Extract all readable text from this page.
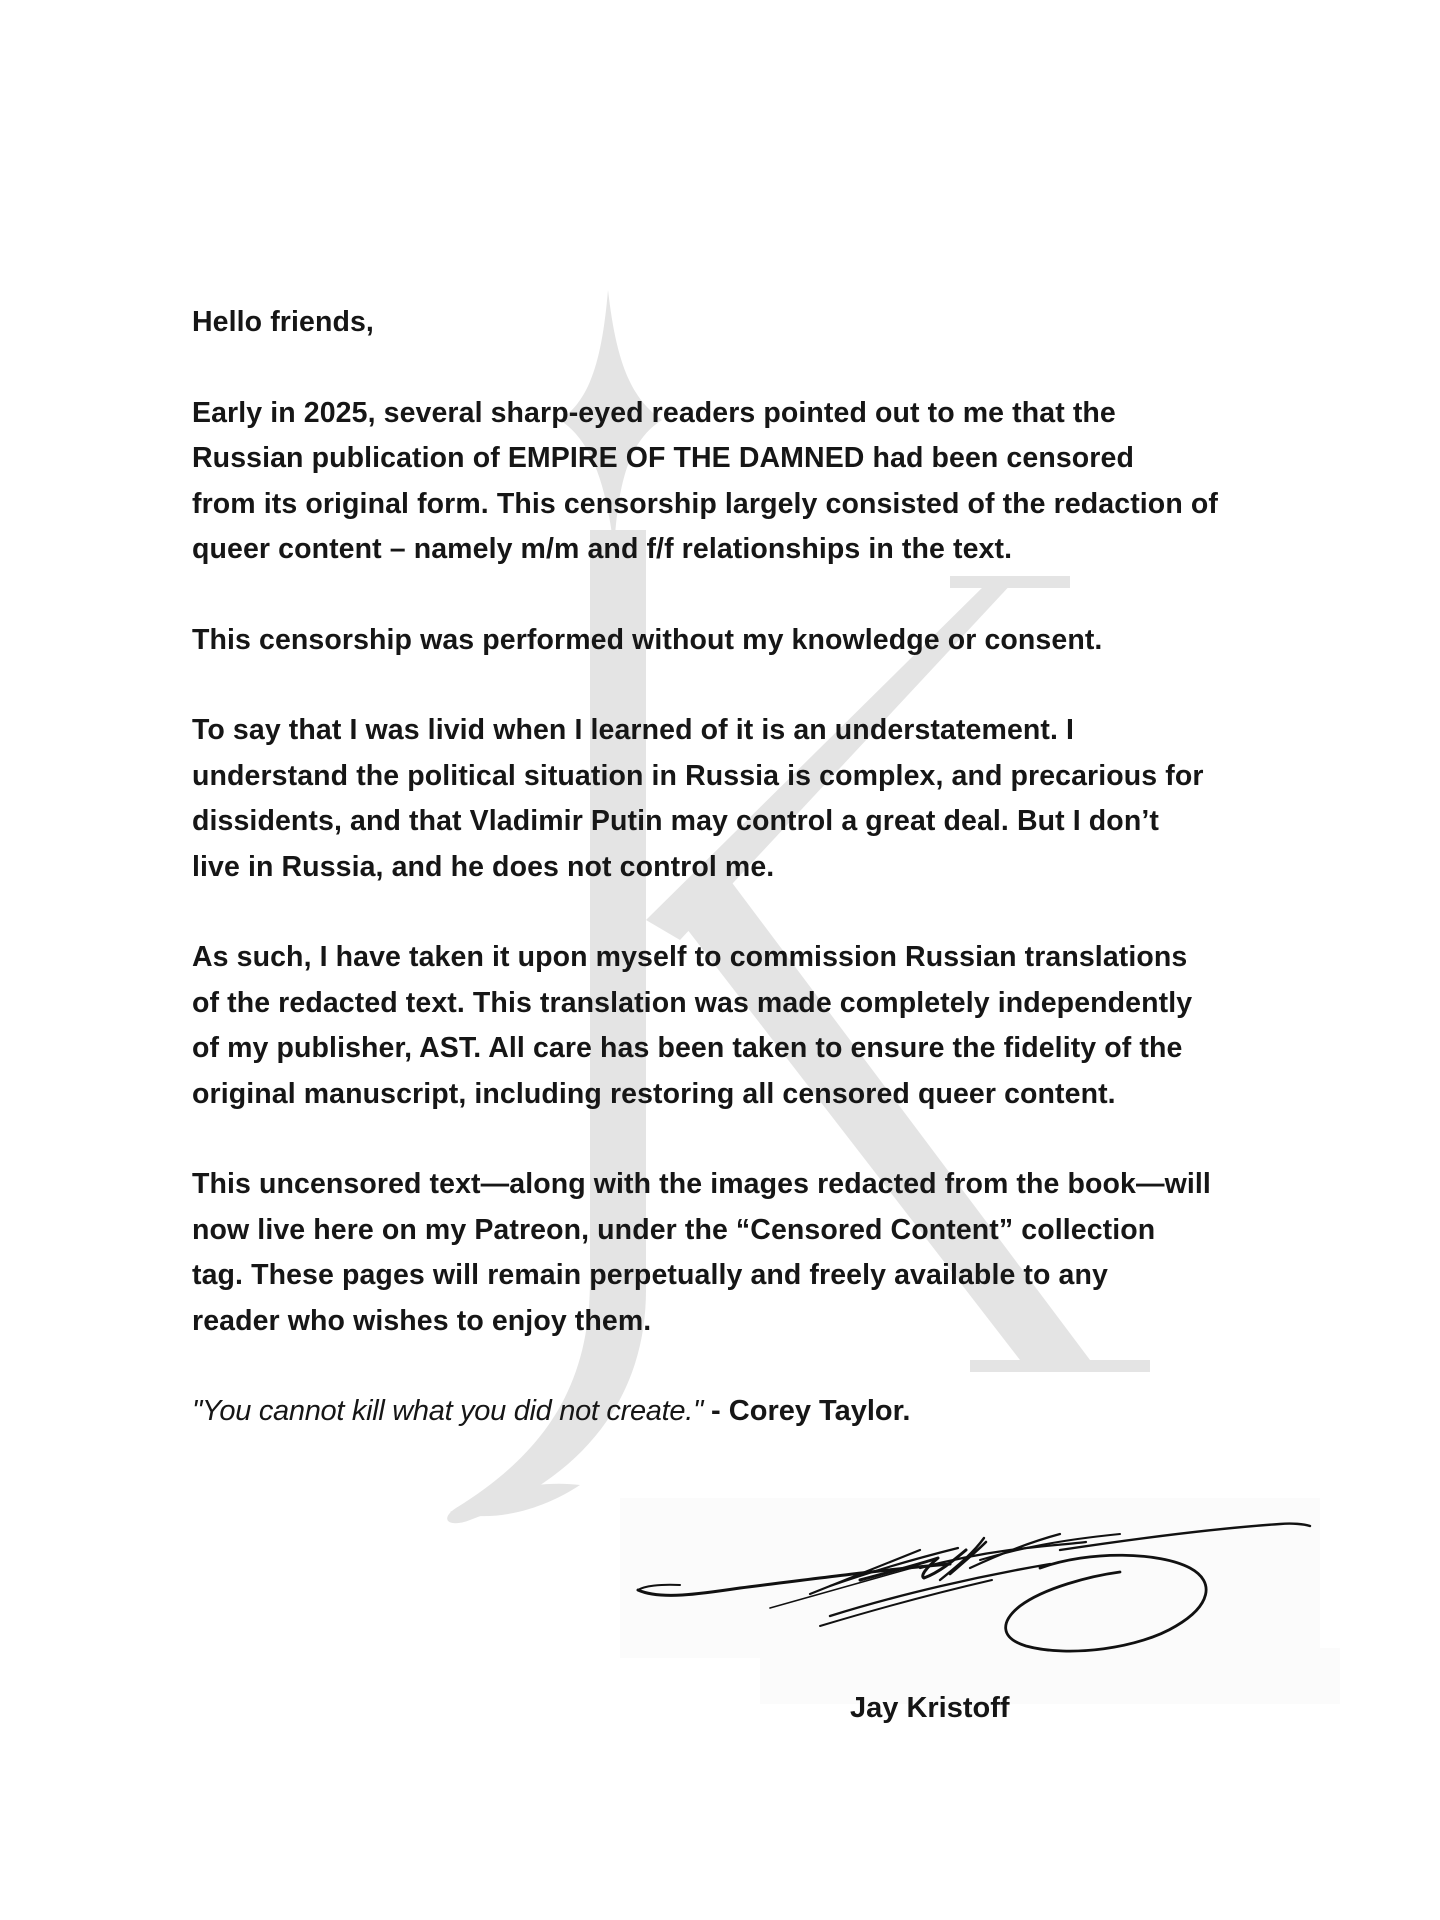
Hello friends,

Early in 2025, several sharp-eyed readers pointed out to me that the
Russian publication of EMPIRE OF THE DAMNED had been censored
from its original form. This censorship largely consisted of the redaction of
queer content – namely m/m and f/f relationships in the text.

This censorship was performed without my knowledge or consent.

To say that I was livid when I learned of it is an understatement. I
understand the political situation in Russia is complex, and precarious for
dissidents, and that Vladimir Putin may control a great deal. But I don’t
live in Russia, and he does not control me.

As such, I have taken it upon myself to commission Russian translations
of the redacted text. This translation was made completely independently
of my publisher, AST. All care has been taken to ensure the fidelity of the
original manuscript, including restoring all censored queer content.

This uncensored text—along with the images redacted from the book—will
now live here on my Patreon, under the “Censored Content” collection
tag. These pages will remain perpetually and freely available to any
reader who wishes to enjoy them.

"You cannot kill what you did not create." - Corey Taylor.

Jay Kristoff
